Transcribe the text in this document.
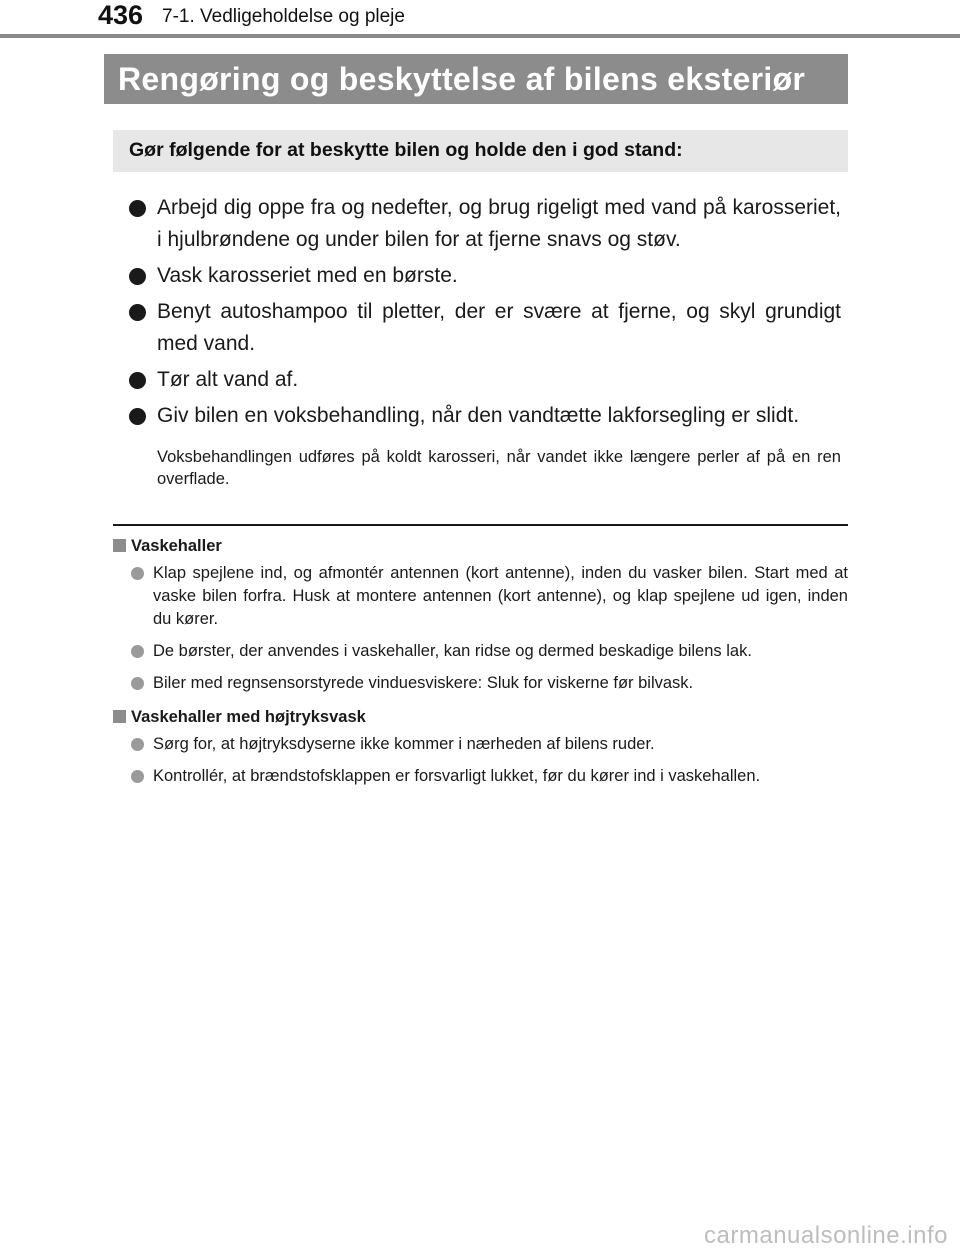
436 7-1. Vedligeholdelse og pleje
Rengøring og beskyttelse af bilens eksteriør
Gør følgende for at beskytte bilen og holde den i god stand:
Arbejd dig oppe fra og nedefter, og brug rigeligt med vand på karosseriet, i hjulbrøndene og under bilen for at fjerne snavs og støv.
Vask karosseriet med en børste.
Benyt autoshampoo til pletter, der er svære at fjerne, og skyl grundigt med vand.
Tør alt vand af.
Giv bilen en voksbehandling, når den vandtætte lakforsegling er slidt.
Voksbehandlingen udføres på koldt karosseri, når vandet ikke længere perler af på en ren overflade.
Vaskehaller
Klap spejlene ind, og afmontér antennen (kort antenne), inden du vasker bilen. Start med at vaske bilen forfra. Husk at montere antennen (kort antenne), og klap spejlene ud igen, inden du kører.
De børster, der anvendes i vaskehaller, kan ridse og dermed beskadige bilens lak.
Biler med regnsensorstyrede vinduesviskere: Sluk for viskerne før bilvask.
Vaskehaller med højtryksvask
Sørg for, at højtryksdyserne ikke kommer i nærheden af bilens ruder.
Kontrollér, at brændstofsklappen er forsvarligt lukket, før du kører ind i vaskehallen.
carmanualsonline.info
